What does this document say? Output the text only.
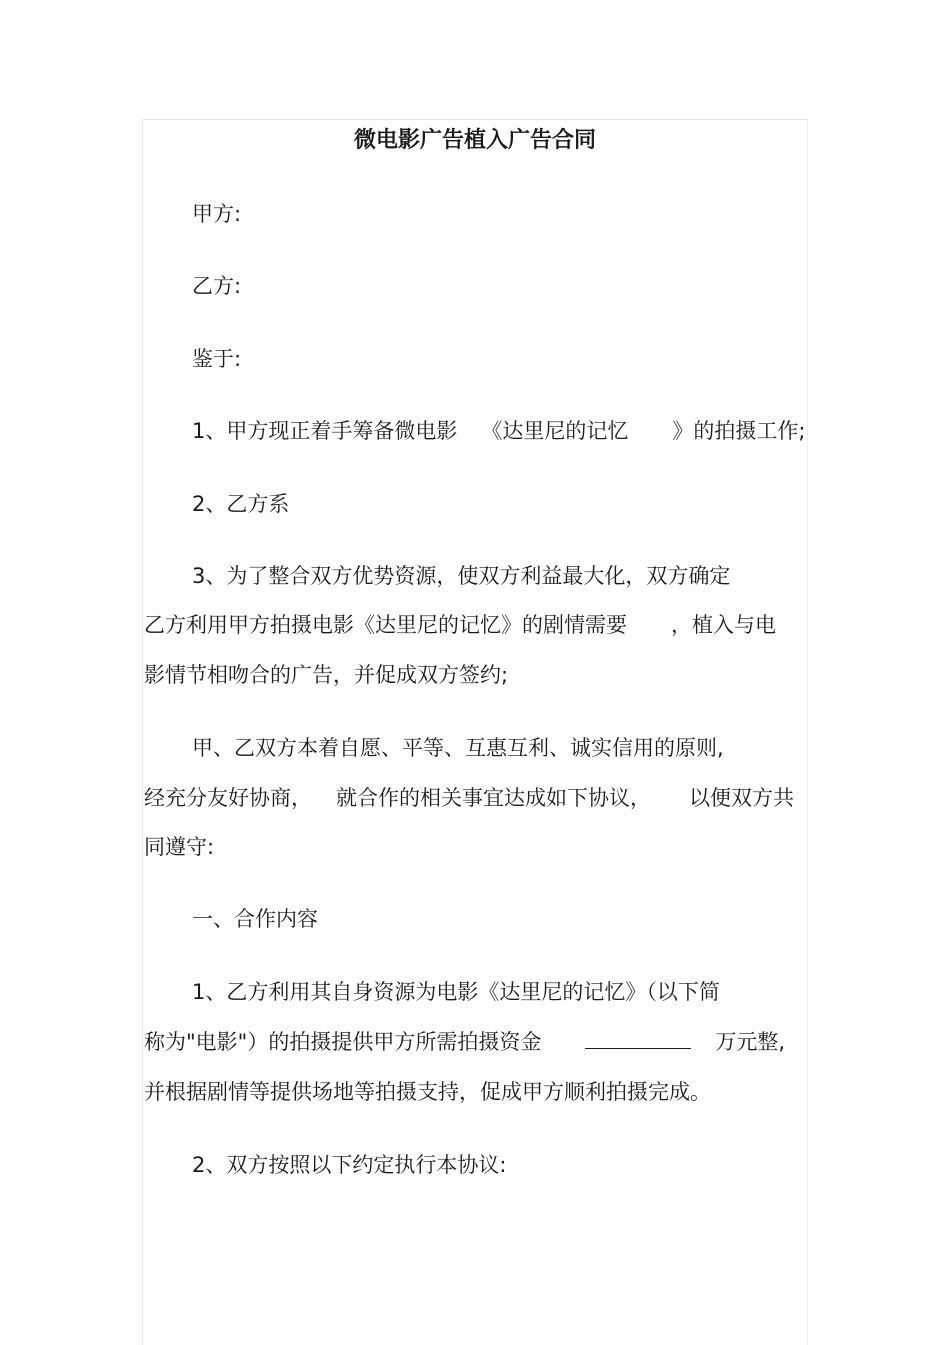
微电影广告植入广告合同

甲方:

乙方:

鉴于:

1、甲方现正着手筹备微电影 《达里尼的记忆 》的拍摄工作;

2、乙方系

3、为了整合双方优势资源，使双方利益最大化，双方确定

乙方利用甲方拍摄电影《达里尼的记忆》的剧情需要 ，植入与电

影情节相吻合的广告，并促成双方签约;

甲、乙双方本着自愿、平等、互惠互利、诚实信用的原则,

经充分友好协商， 就合作的相关事宜达成如下协议， 以便双方共

同遵守:

一、合作内容

1、乙方利用其自身资源为电影《达里尼的记忆》（以下简

称为"电影"）的拍摄提供甲方所需拍摄资金	万元整,

并根据剧情等提供场地等拍摄支持，促成甲方顺利拍摄完成。

2、双方按照以下约定执行本协议:
